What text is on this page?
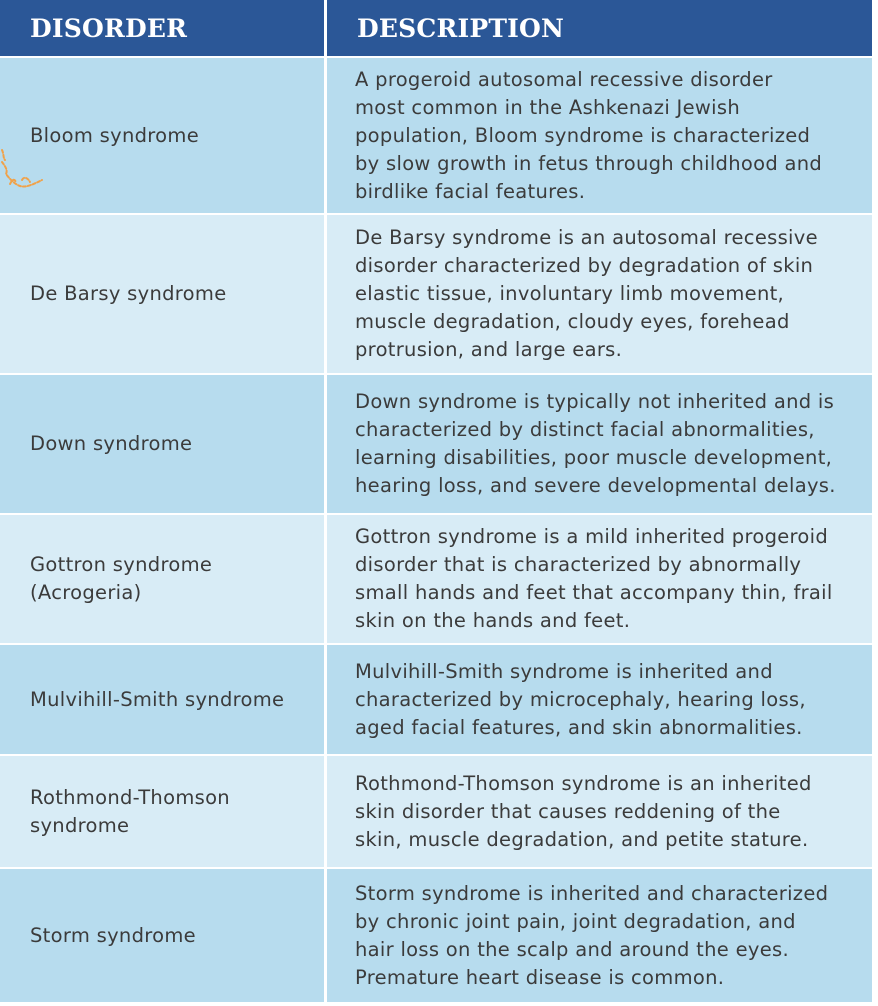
DISORDER	DESCRIPTION
Bloom syndrome
A progeroid autosomal recessive disorder
most common in the Ashkenazi Jewish
population, Bloom syndrome is characterized
by slow growth in fetus through childhood and
birdlike facial features.
De Barsy syndrome
De Barsy syndrome is an autosomal recessive
disorder characterized by degradation of skin
elastic tissue, involuntary limb movement,
muscle degradation, cloudy eyes, forehead
protrusion, and large ears.
Down syndrome
Down syndrome is typically not inherited and is
characterized by distinct facial abnormalities,
learning disabilities, poor muscle development,
hearing loss, and severe developmental delays.
Gottron syndrome
(Acrogeria)
Gottron syndrome is a mild inherited progeroid
disorder that is characterized by abnormally
small hands and feet that accompany thin, frail
skin on the hands and feet.
Mulvihill-Smith syndrome
Mulvihill-Smith syndrome is inherited and
characterized by microcephaly, hearing loss,
aged facial features, and skin abnormalities.
Rothmond-Thomson
syndrome
Rothmond-Thomson syndrome is an inherited
skin disorder that causes reddening of the
skin, muscle degradation, and petite stature.
Storm syndrome
Storm syndrome is inherited and characterized
by chronic joint pain, joint degradation, and
hair loss on the scalp and around the eyes.
Premature heart disease is common.
